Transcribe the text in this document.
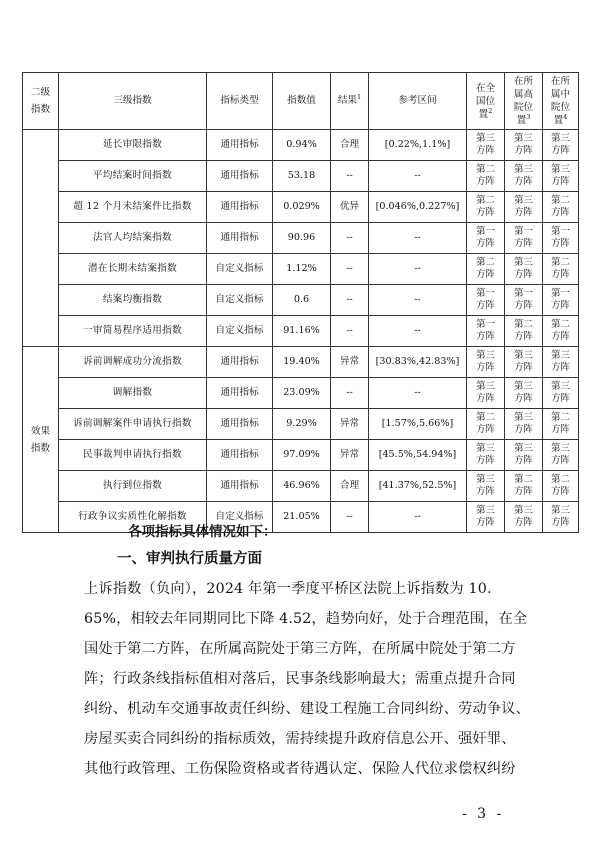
二级指数	三级指数	指标类型	指数值	结果$^1$	参考区间	在全国位置$^2$	在所属高院位置$^3$	在所属中院位置$^4$

	延长审限指数	通用指标	0.94%	合理	[0.22%,1.1%]	第三方阵	第三方阵	第三方阵

	平均结案时间指数	通用指标	53.18	--	--	第二方阵	第三方阵	第三方阵

	超 12 个月未结案件比指数	通用指标	0.029%	优异	[0.046%,0.227%]	第二方阵	第三方阵	第二方阵

	法官人均结案指数	通用指标	90.96	--	--	第一方阵	第一方阵	第一方阵

	潜在长期未结案指数	自定义指标	1.12%	--	--	第二方阵	第三方阵	第二方阵

	结案均衡指数	自定义指标	0.6	--	--	第一方阵	第一方阵	第一方阵

	一审简易程序适用指数	自定义指标	91.16%	--	--	第一方阵	第二方阵	第二方阵

效果指数	诉前调解成功分流指数	通用指标	19.40%	异常	[30.83%,42.83%]	第三方阵	第三方阵	第三方阵

	调解指数	通用指标	23.09%	--	--	第三方阵	第三方阵	第三方阵

	诉前调解案件申请执行指数	通用指标	9.29%	异常	[1.57%,5.66%]	第二方阵	第三方阵	第二方阵

	民事裁判申请执行指数	通用指标	97.09%	异常	[45.5%,54.94%]	第三方阵	第三方阵	第三方阵

	执行到位指数	通用指标	46.96%	合理	[41.37%,52.5%]	第三方阵	第二方阵	第二方阵

	行政争议实质性化解指数	自定义指标	21.05%	--	--	第三方阵	第三方阵	第三方阵
各项指标具体情况如下：
一、审判执行质量方面
上诉指数（负向），2024 年第一季度平桥区法院上诉指数为 10.
65%，相较去年同期同比下降 4.52，趋势向好，处于合理范围，在全
国处于第二方阵，在所属高院处于第三方阵，在所属中院处于第二方
阵；行政条线指标值相对落后，民事条线影响最大；需重点提升合同
纠纷、机动车交通事故责任纠纷、建设工程施工合同纠纷、劳动争议、
房屋买卖合同纠纷的指标质效，需持续提升政府信息公开、强奸罪、
其他行政管理、工伤保险资格或者待遇认定、保险人代位求偿权纠纷
- 3 -
